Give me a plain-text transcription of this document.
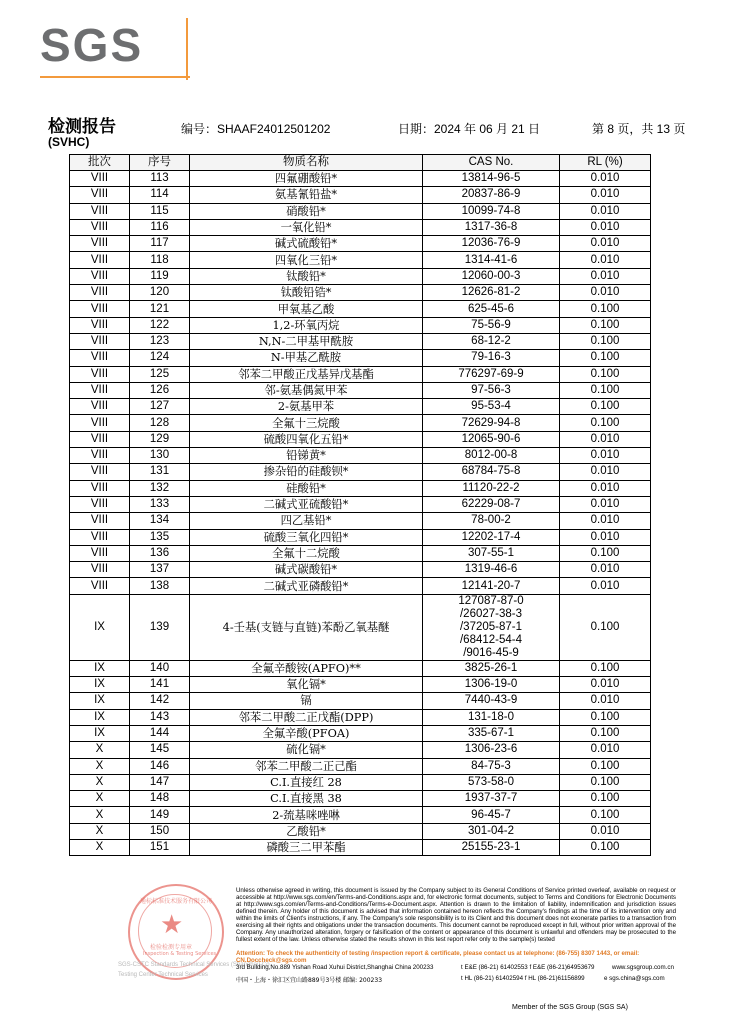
SGS
检测报告
(SVHC)
编号：SHAAF24012501202	日期：2024 年 06 月 21 日	第 8 页，共 13 页
批次	序号	物质名称	CAS No.	RL (%)
VIII	113	四氟硼酸铅*	13814-96-5	0.010
VIII	114	氨基氰铅盐*	20837-86-9	0.010
VIII	115	硝酸铅*	10099-74-8	0.010
VIII	116	一氧化铅*	1317-36-8	0.010
VIII	117	碱式硫酸铅*	12036-76-9	0.010
VIII	118	四氧化三铅*	1314-41-6	0.010
VIII	119	钛酸铅*	12060-00-3	0.010
VIII	120	钛酸铅锆*	12626-81-2	0.010
VIII	121	甲氧基乙酸	625-45-6	0.100
VIII	122	1,2-环氧丙烷	75-56-9	0.100
VIII	123	N,N-二甲基甲酰胺	68-12-2	0.100
VIII	124	N-甲基乙酰胺	79-16-3	0.100
VIII	125	邻苯二甲酸正戊基异戊基酯	776297-69-9	0.100
VIII	126	邻-氨基偶氮甲苯	97-56-3	0.100
VIII	127	2-氨基甲苯	95-53-4	0.100
VIII	128	全氟十三烷酸	72629-94-8	0.100
VIII	129	硫酸四氧化五铅*	12065-90-6	0.010
VIII	130	铅锑黄*	8012-00-8	0.010
VIII	131	掺杂铅的硅酸钡*	68784-75-8	0.010
VIII	132	硅酸铅*	11120-22-2	0.010
VIII	133	二碱式亚硫酸铅*	62229-08-7	0.010
VIII	134	四乙基铅*	78-00-2	0.010
VIII	135	硫酸三氧化四铅*	12202-17-4	0.010
VIII	136	全氟十二烷酸	307-55-1	0.100
VIII	137	碱式碳酸铅*	1319-46-6	0.010
VIII	138	二碱式亚磷酸铅*	12141-20-7	0.010
IX	139	4-壬基(支链与直链)苯酚乙氧基醚	127087-87-0
/26027-38-3
/37205-87-1
/68412-54-4
/9016-45-9	0.100
IX	140	全氟辛酸铵(APFO)**	3825-26-1	0.100
IX	141	氧化镉*	1306-19-0	0.010
IX	142	镉	7440-43-9	0.010
IX	143	邻苯二甲酸二正戊酯(DPP)	131-18-0	0.100
IX	144	全氟辛酸(PFOA)	335-67-1	0.100
X	145	硫化镉*	1306-23-6	0.010
X	146	邻苯二甲酸二正己酯	84-75-3	0.100
X	147	C.I.直接红 28	573-58-0	0.100
X	148	C.I.直接黑 38	1937-37-7	0.100
X	149	2-巯基咪唑啉	96-45-7	0.100
X	150	乙酸铅*	301-04-2	0.010
X	151	磷酸三二甲苯酯	25155-23-1	0.100
★
通标标准技术服务有限公司
检验检测专用章
Inspection & Testing Services
SGS-CSTC Standards Technical Services (Shanghai) Co.,
Testing Center Technical Services
Unless otherwise agreed in writing, this document is issued by the Company subject to its General Conditions of Service printed overleaf, available on request or accessible at http://www.sgs.com/en/Terms-and-Conditions.aspx and, for electronic format documents, subject to Terms and Conditions for Electronic Documents at http://www.sgs.com/en/Terms-and-Conditions/Terms-e-Document.aspx. Attention is drawn to the limitation of liability, indemnification and jurisdiction issues defined therein. Any holder of this document is advised that information contained hereon reflects the Company's findings at the time of its intervention only and within the limits of Client's instructions, if any. The Company's sole responsibility is to its Client and this document does not exonerate parties to a transaction from exercising all their rights and obligations under the transaction documents. This document cannot be reproduced except in full, without prior written approval of the Company. Any unauthorized alteration, forgery or falsification of the content or appearance of this document is unlawful and offenders may be prosecuted to the fullest extent of the law. Unless otherwise stated the results shown in this test report refer only to the sample(s) tested
Attention: To check the authenticity of testing /inspection report & certificate, please contact us at telephone: (86-755) 8307 1443, or email: CN.Doccheck@sgs.com
3rd Building,No.889 Yishan Road Xuhui District,Shanghai China 200233
中国・上海・徐汇区宜山路889号3号楼 邮编: 200233
t E&E (86-21) 61402553 f E&E (86-21)64953679
t HL (86-21) 61402594 f HL (86-21)61156899
www.sgsgroup.com.cn
e sgs.china@sgs.com
Member of the SGS Group (SGS SA)
